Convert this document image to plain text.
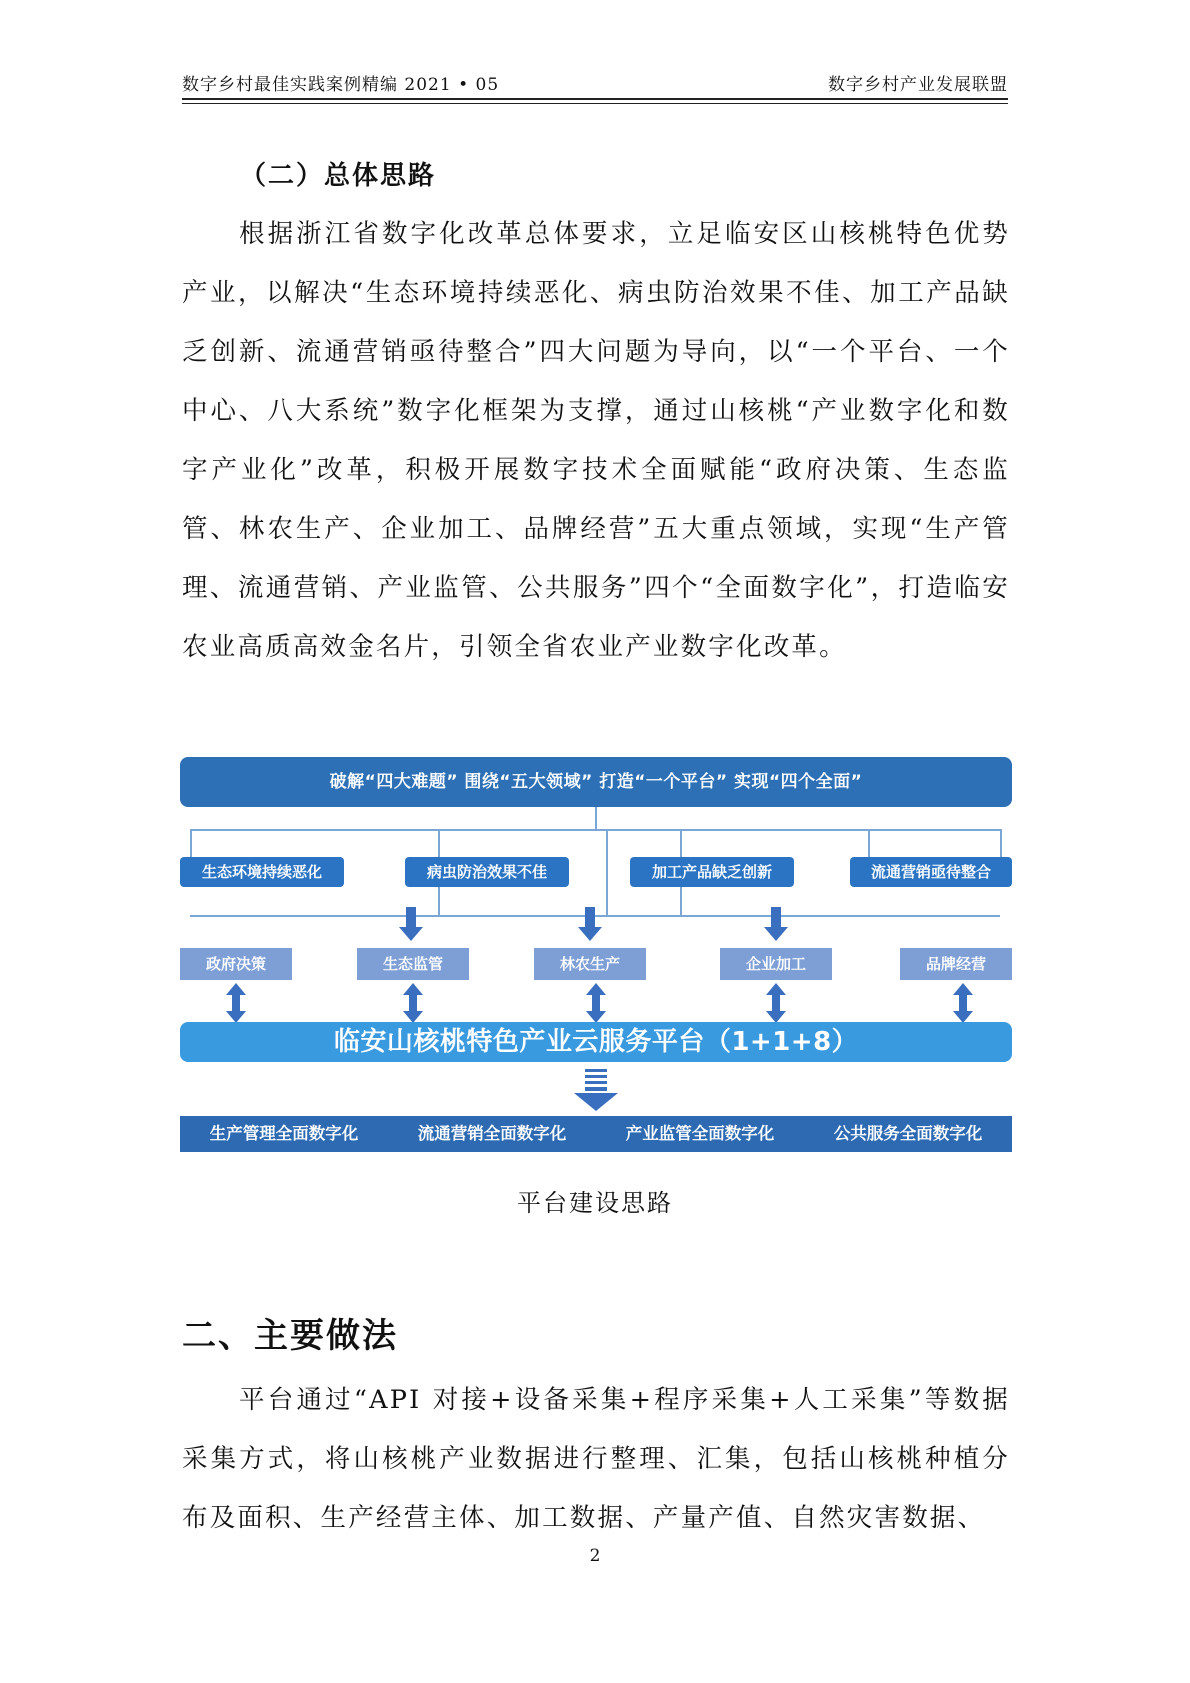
数字乡村最佳实践案例精编 2021 • 05	数字乡村产业发展联盟
（二）总体思路
根据浙江省数字化改革总体要求，立足临安区山核桃特色优势产业，以解决“生态环境持续恶化、病虫防治效果不佳、加工产品缺乏创新、流通营销亟待整合”四大问题为导向，以“一个平台、一个中心、八大系统”数字化框架为支撑，通过山核桃“产业数字化和数字产业化”改革，积极开展数字技术全面赋能“政府决策、生态监管、林农生产、企业加工、品牌经营”五大重点领域，实现“生产管理、流通营销、产业监管、公共服务”四个“全面数字化”，打造临安农业高质高效金名片，引领全省农业产业数字化改革。
破解“四大难题” 围绕“五大领域” 打造“一个平台” 实现“四个全面”
生态环境持续恶化	病虫防治效果不佳	加工产品缺乏创新	流通营销亟待整合
政府决策	生态监管	林农生产	企业加工	品牌经营
临安山核桃特色产业云服务平台（1+1+8）
生产管理全面数字化	流通营销全面数字化	产业监管全面数字化	公共服务全面数字化
平台建设思路
二、主要做法
平台通过“API 对接+设备采集+程序采集+人工采集”等数据采集方式，将山核桃产业数据进行整理、汇集，包括山核桃种植分布及面积、生产经营主体、加工数据、产量产值、自然灾害数据、
2
